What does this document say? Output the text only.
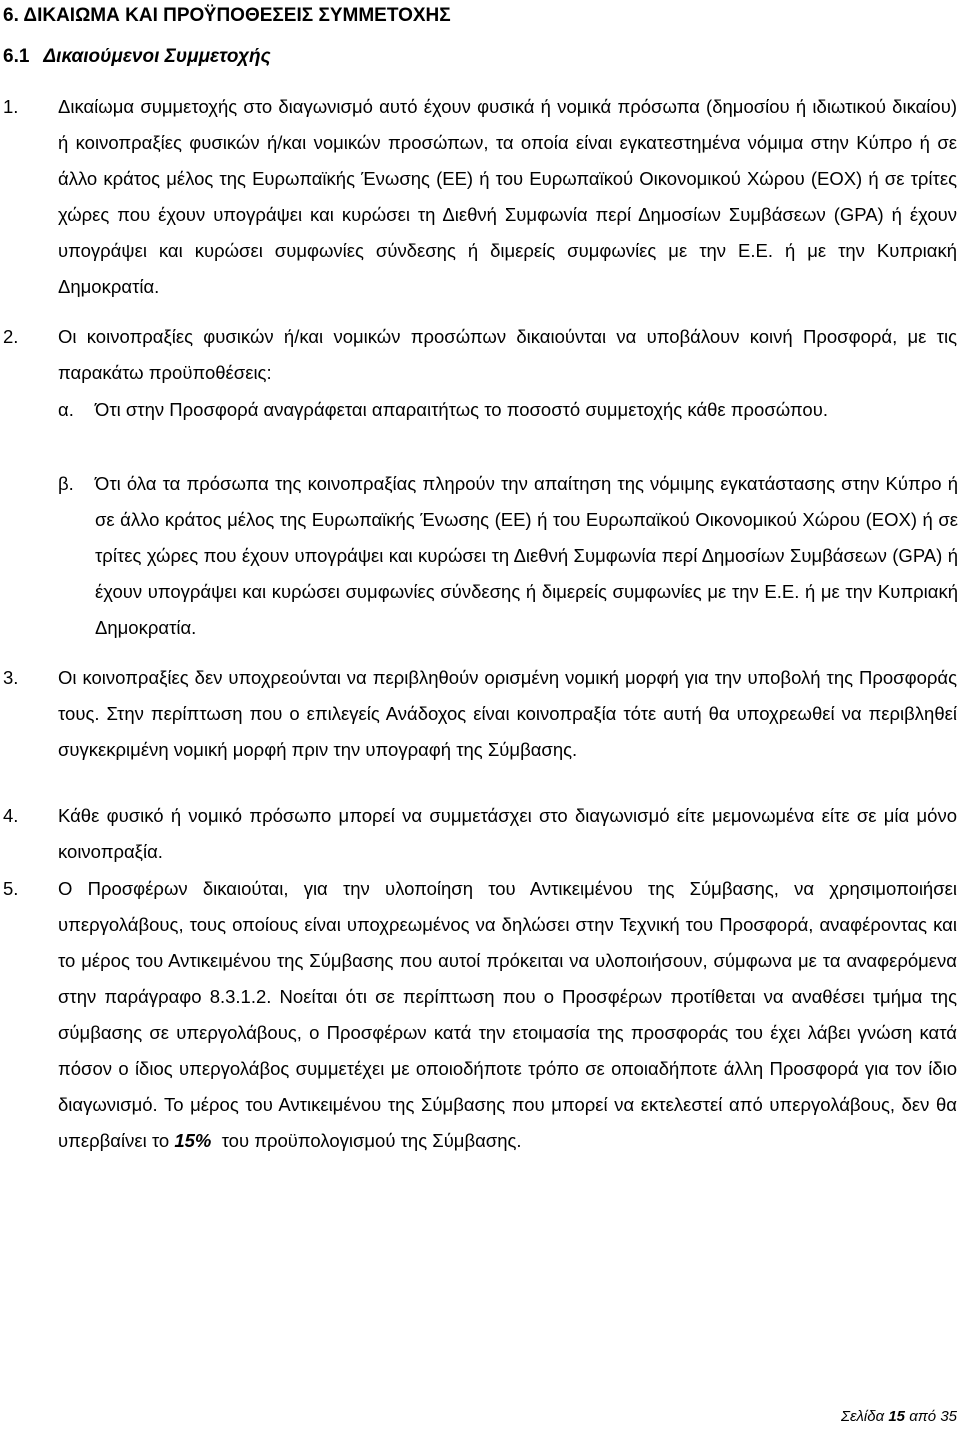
6. ΔΙΚΑΙΩΜΑ ΚΑΙ ΠΡΟΫΠΟΘΕΣΕΙΣ ΣΥΜΜΕΤΟΧΗΣ
6.1 Δικαιούμενοι Συμμετοχής
1.	Δικαίωμα συμμετοχής στο διαγωνισμό αυτό έχουν φυσικά ή νομικά πρόσωπα (δημοσίου ή ιδιωτικού δικαίου) ή κοινοπραξίες φυσικών ή/και νομικών προσώπων, τα οποία είναι εγκατεστημένα νόμιμα στην Κύπρο ή σε άλλο κράτος μέλος της Ευρωπαϊκής Ένωσης (ΕΕ) ή του Ευρωπαϊκού Οικονομικού Χώρου (ΕΟΧ) ή σε τρίτες χώρες που έχουν υπογράψει και κυρώσει τη Διεθνή Συμφωνία περί Δημοσίων Συμβάσεων (GPA) ή έχουν υπογράψει και κυρώσει συμφωνίες σύνδεσης ή διμερείς συμφωνίες με την Ε.Ε. ή με την Κυπριακή Δημοκρατία.
2.	Οι κοινοπραξίες φυσικών ή/και νομικών προσώπων δικαιούνται να υποβάλουν κοινή Προσφορά, με τις παρακάτω προϋποθέσεις:
α. Ότι στην Προσφορά αναγράφεται απαραιτήτως το ποσοστό συμμετοχής κάθε προσώπου.
β. Ότι όλα τα πρόσωπα της κοινοπραξίας πληρούν την απαίτηση της νόμιμης εγκατάστασης στην Κύπρο ή σε άλλο κράτος μέλος της Ευρωπαϊκής Ένωσης (ΕΕ) ή του Ευρωπαϊκού Οικονομικού Χώρου (ΕΟΧ) ή σε τρίτες χώρες που έχουν υπογράψει και κυρώσει τη Διεθνή Συμφωνία περί Δημοσίων Συμβάσεων (GPA) ή έχουν υπογράψει και κυρώσει συμφωνίες σύνδεσης ή διμερείς συμφωνίες με την Ε.Ε. ή με την Κυπριακή Δημοκρατία.
3.	Οι κοινοπραξίες δεν υποχρεούνται να περιβληθούν ορισμένη νομική μορφή για την υποβολή της Προσφοράς τους. Στην περίπτωση που ο επιλεγείς Ανάδοχος είναι κοινοπραξία τότε αυτή θα υποχρεωθεί να περιβληθεί συγκεκριμένη νομική μορφή πριν την υπογραφή της Σύμβασης.
4.	Κάθε φυσικό ή νομικό πρόσωπο μπορεί να συμμετάσχει στο διαγωνισμό είτε μεμονωμένα είτε σε μία μόνο κοινοπραξία.
5.	Ο Προσφέρων δικαιούται, για την υλοποίηση του Αντικειμένου της Σύμβασης, να χρησιμοποιήσει υπεργολάβους, τους οποίους είναι υποχρεωμένος να δηλώσει στην Τεχνική του Προσφορά, αναφέροντας και το μέρος του Αντικειμένου της Σύμβασης που αυτοί πρόκειται να υλοποιήσουν, σύμφωνα με τα αναφερόμενα στην παράγραφο 8.3.1.2. Νοείται ότι σε περίπτωση που ο Προσφέρων προτίθεται να αναθέσει τμήμα της σύμβασης σε υπεργολάβους, ο Προσφέρων κατά την ετοιμασία της προσφοράς του έχει λάβει γνώση κατά πόσον ο ίδιος υπεργολάβος συμμετέχει με οποιοδήποτε τρόπο σε οποιαδήποτε άλλη Προσφορά για τον ίδιο διαγωνισμό. Το μέρος του Αντικειμένου της Σύμβασης που μπορεί να εκτελεστεί από υπεργολάβους, δεν θα υπερβαίνει το 15%  του προϋπολογισμού της Σύμβασης.
Σελίδα 15 από 35
